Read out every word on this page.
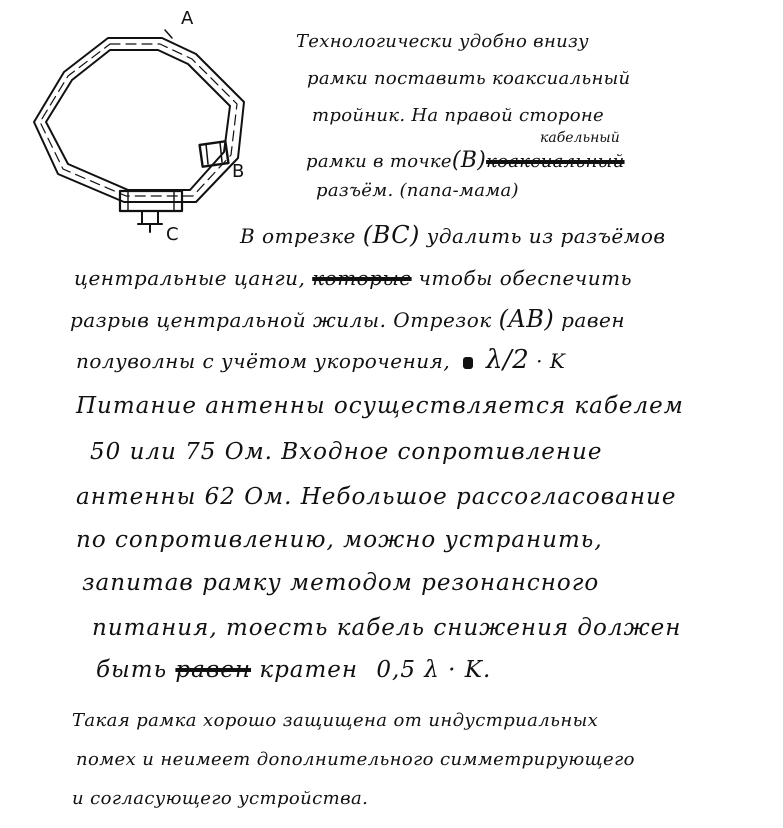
A
B
C
Технологически удобно внизу
рамки поставить коаксиальный
тройник. На правой стороне
рамки в точке(B)коаксиальный
кабельный
разъём. (папа-мама)
В отрезке (BC) удалить из разъёмов
центральные цанги, которые чтобы обеспечить
разрыв центральной жилы. Отрезок (AB) равен
полуволны с учётом укорочения, λ/2 · K
Питание антенны осуществляется кабелем
50 или 75 Ом. Входное сопротивление
антенны 62 Ом. Небольшое рассогласование
по сопротивлению, можно устранить,
запитав рамку методом резонансного
питания, тоесть кабель снижения должен
быть равен кратен 0,5 λ · K.
Такая рамка хорошо защищена от индустриальных
помех и неимеет дополнительного симметрирующего
и согласующего устройства.
